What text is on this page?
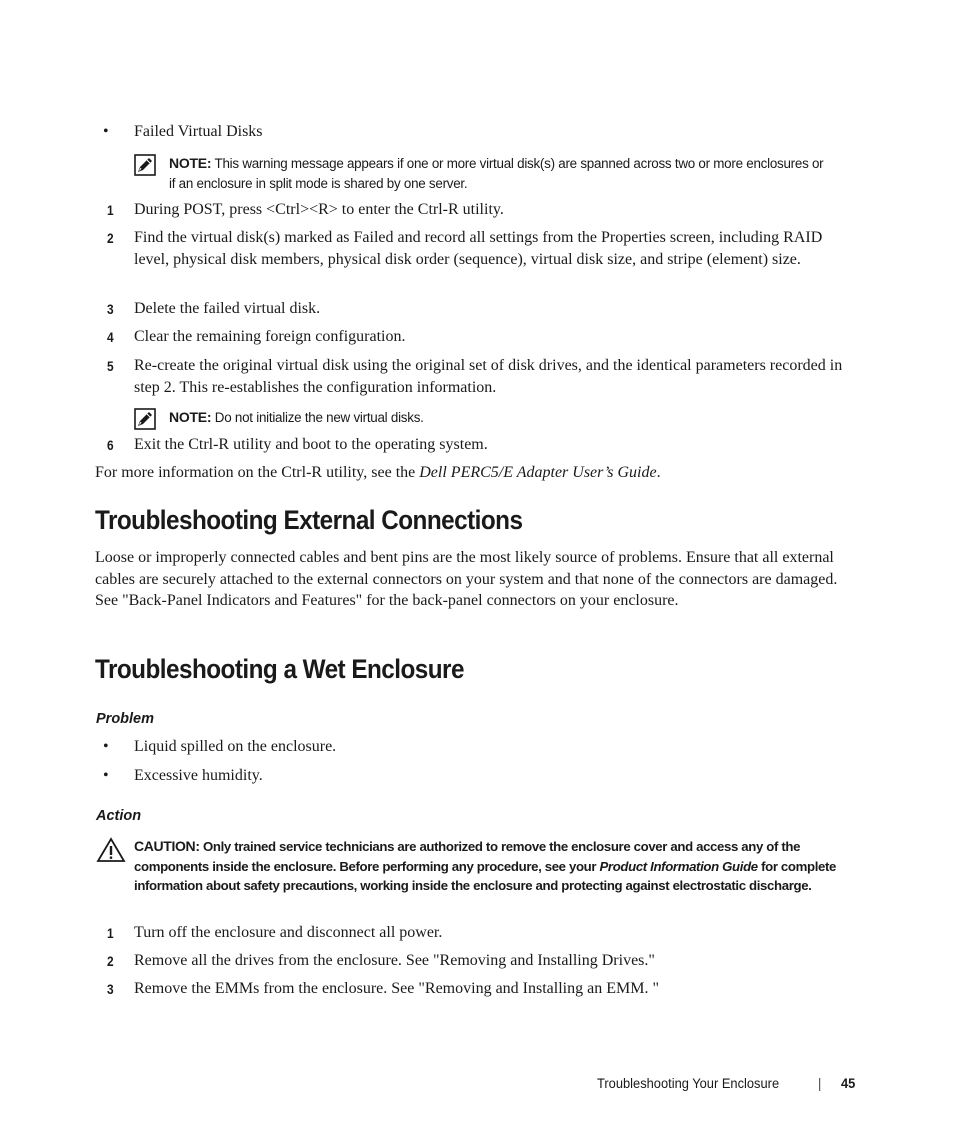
• Failed Virtual Disks
NOTE: This warning message appears if one or more virtual disk(s) are spanned across two or more enclosures or if an enclosure in split mode is shared by one server.
1 During POST, press <Ctrl><R> to enter the Ctrl-R utility.
2 Find the virtual disk(s) marked as Failed and record all settings from the Properties screen, including RAID level, physical disk members, physical disk order (sequence), virtual disk size, and stripe (element) size.
3 Delete the failed virtual disk.
4 Clear the remaining foreign configuration.
5 Re-create the original virtual disk using the original set of disk drives, and the identical parameters recorded in step 2. This re-establishes the configuration information.
NOTE: Do not initialize the new virtual disks.
6 Exit the Ctrl-R utility and boot to the operating system.
For more information on the Ctrl-R utility, see the Dell PERC5/E Adapter User’s Guide.
Troubleshooting External Connections
Loose or improperly connected cables and bent pins are the most likely source of problems. Ensure that all external cables are securely attached to the external connectors on your system and that none of the connectors are damaged. See "Back-Panel Indicators and Features" for the back-panel connectors on your enclosure.
Troubleshooting a Wet Enclosure
Problem
• Liquid spilled on the enclosure.
• Excessive humidity.
Action
CAUTION: Only trained service technicians are authorized to remove the enclosure cover and access any of the components inside the enclosure. Before performing any procedure, see your Product Information Guide for complete information about safety precautions, working inside the enclosure and protecting against electrostatic discharge.
1 Turn off the enclosure and disconnect all power.
2 Remove all the drives from the enclosure. See "Removing and Installing Drives."
3 Remove the EMMs from the enclosure. See "Removing and Installing an EMM. "
Troubleshooting Your Enclosure	| 45
